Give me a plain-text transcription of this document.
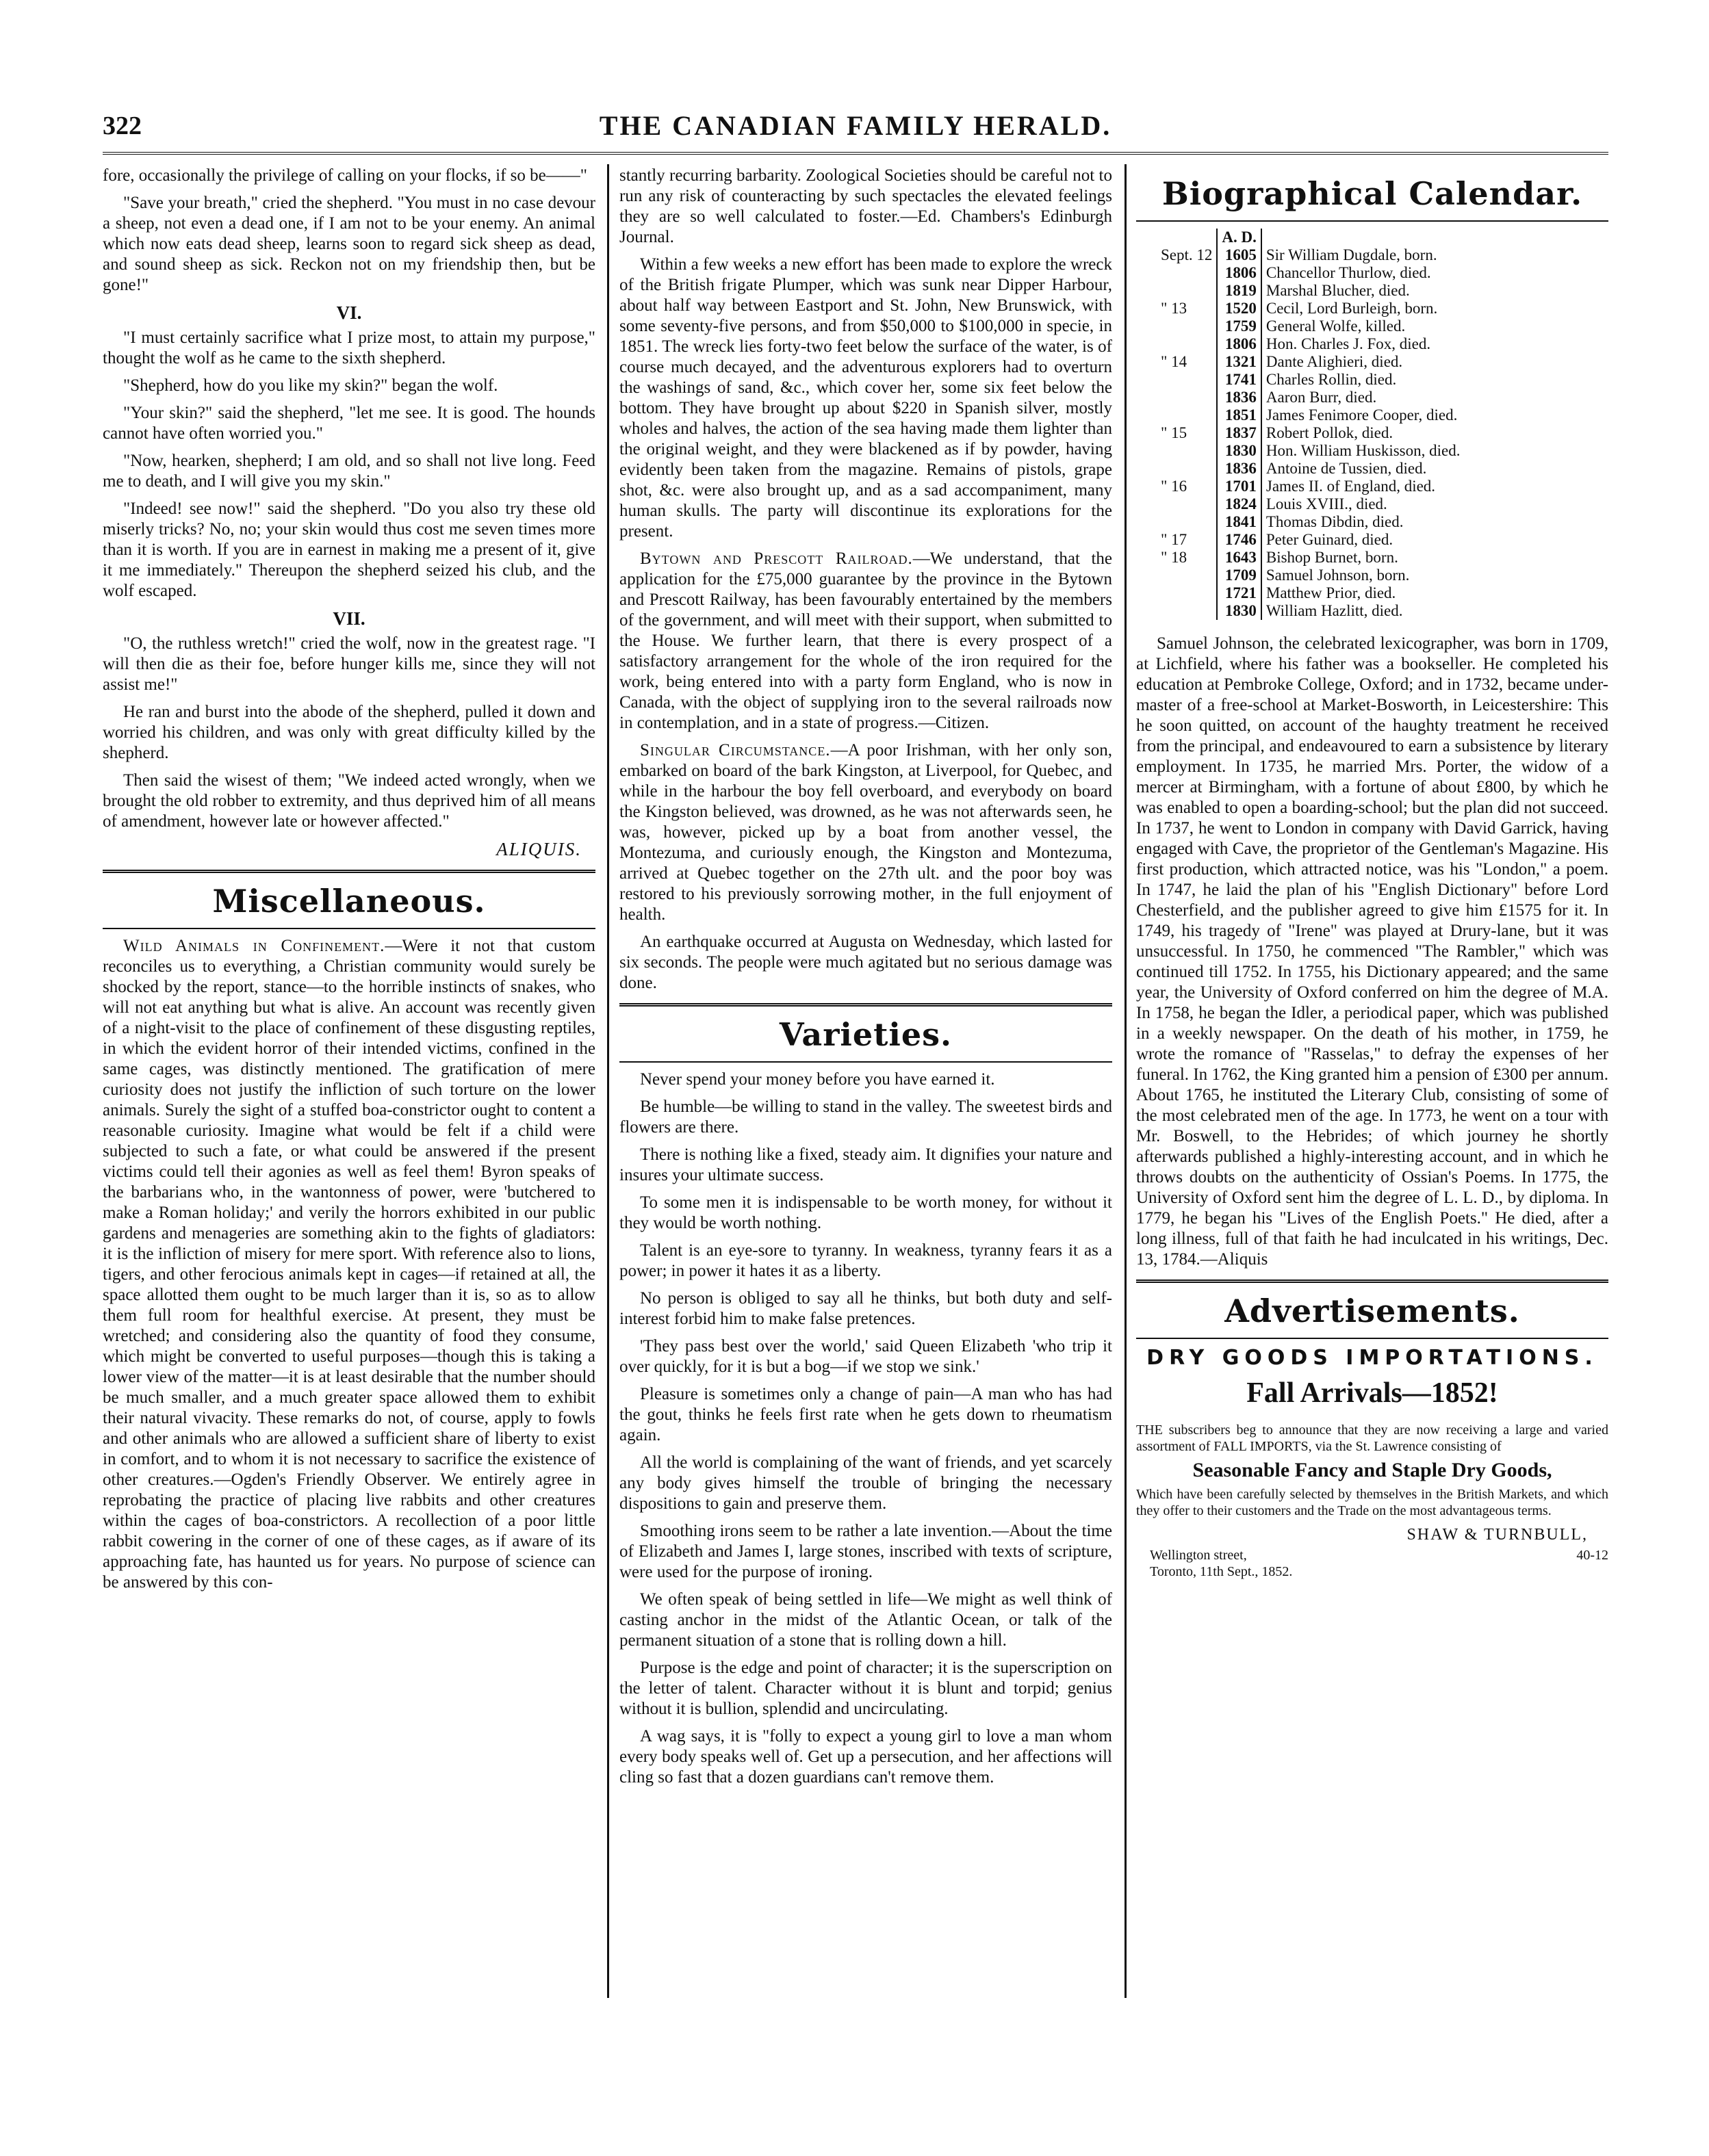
THE CANADIAN FAMILY HERALD.
322

fore, occasionally the privilege of calling on your flocks, if so be——"

"Save your breath," cried the shepherd. "You must in no case devour a sheep, not even a dead one, if I am not to be your enemy. An animal which now eats dead sheep, learns soon to regard sick sheep as dead, and sound sheep as sick. Reckon not on my friendship then, but be gone!"

VI.

"I must certainly sacrifice what I prize most, to attain my purpose," thought the wolf as he came to the sixth shepherd.

"Shepherd, how do you like my skin?" began the wolf.

"Your skin?" said the shepherd, "let me see. It is good. The hounds cannot have often worried you."

"Now, hearken, shepherd; I am old, and so shall not live long. Feed me to death, and I will give you my skin."

"Indeed! see now!" said the shepherd. "Do you also try these old miserly tricks? No, no; your skin would thus cost me seven times more than it is worth. If you are in earnest in making me a present of it, give it me immediately." Thereupon the shepherd seized his club, and the wolf escaped.

VII.

"O, the ruthless wretch!" cried the wolf, now in the greatest rage. "I will then die as their foe, before hunger kills me, since they will not assist me!"

He ran and burst into the abode of the shepherd, pulled it down and worried his children, and was only with great difficulty killed by the shepherd.

Then said the wisest of them; "We indeed acted wrongly, when we brought the old robber to extremity, and thus deprived him of all means of amendment, however late or however affected."

ALIQUIS.
Miscellaneous.

Wild Animals in Confinement.—Were it not that custom reconciles us to everything, a Christian community would surely be shocked by the report, stance—to the horrible instincts of snakes, who will not eat anything but what is alive. An account was recently given of a night-visit to the place of confinement of these disgusting reptiles, in which the evident horror of their intended victims, confined in the same cages, was distinctly mentioned. The gratification of mere curiosity does not justify the infliction of such torture on the lower animals. Surely the sight of a stuffed boa-constrictor ought to content a reasonable curiosity. Imagine what would be felt if a child were subjected to such a fate, or what could be answered if the present victims could tell their agonies as well as feel them! Byron speaks of the barbarians who, in the wantonness of power, were 'butchered to make a Roman holiday;' and verily the horrors exhibited in our public gardens and menageries are something akin to the fights of gladiators: it is the infliction of misery for mere sport. With reference also to lions, tigers, and other ferocious animals kept in cages—if retained at all, the space allotted them ought to be much larger than it is, so as to allow them full room for healthful exercise. At present, they must be wretched; and considering also the quantity of food they consume, which might be converted to useful purposes—though this is taking a lower view of the matter—it is at least desirable that the number should be much smaller, and a much greater space allowed them to exhibit their natural vivacity. These remarks do not, of course, apply to fowls and other animals who are allowed a sufficient share of liberty to exist in comfort, and to whom it is not necessary to sacrifice the existence of other creatures.—Ogden's Friendly Observer. We entirely agree in reprobating the practice of placing live rabbits and other creatures within the cages of boa-constrictors. A recollection of a poor little rabbit cowering in the corner of one of these cages, as if aware of its approaching fate, has haunted us for years. No purpose of science can be answered by this con-

stantly recurring barbarity. Zoological Societies should be careful not to run any risk of counteracting by such spectacles the elevated feelings they are so well calculated to foster.—Ed. Chambers's Edinburgh Journal.

Within a few weeks a new effort has been made to explore the wreck of the British frigate Plumper, which was sunk near Dipper Harbour, about half way between Eastport and St. John, New Brunswick, with some seventy-five persons, and from $50,000 to $100,000 in specie, in 1851. The wreck lies forty-two feet below the surface of the water, is of course much decayed, and the adventurous explorers had to overturn the washings of sand, &c., which cover her, some six feet below the bottom. They have brought up about $220 in Spanish silver, mostly wholes and halves, the action of the sea having made them lighter than the original weight, and they were blackened as if by powder, having evidently been taken from the magazine. Remains of pistols, grape shot, &c. were also brought up, and as a sad accompaniment, many human skulls. The party will discontinue its explorations for the present.

Bytown and Prescott Railroad.—We understand, that the application for the £75,000 guarantee by the province in the Bytown and Prescott Railway, has been favourably entertained by the members of the government, and will meet with their support, when submitted to the House. We further learn, that there is every prospect of a satisfactory arrangement for the whole of the iron required for the work, being entered into with a party form England, who is now in Canada, with the object of supplying iron to the several railroads now in contemplation, and in a state of progress.—Citizen.

Singular Circumstance.—A poor Irishman, with her only son, embarked on board of the bark Kingston, at Liverpool, for Quebec, and while in the harbour the boy fell overboard, and everybody on board the Kingston believed, was drowned, as he was not afterwards seen, he was, however, picked up by a boat from another vessel, the Montezuma, and curiously enough, the Kingston and Montezuma, arrived at Quebec together on the 27th ult. and the poor boy was restored to his previously sorrowing mother, in the full enjoyment of health.

An earthquake occurred at Augusta on Wednesday, which lasted for six seconds. The people were much agitated but no serious damage was done.

Varieties.

Never spend your money before you have earned it.

Be humble—be willing to stand in the valley. The sweetest birds and flowers are there.

There is nothing like a fixed, steady aim. It dignifies your nature and insures your ultimate success.

To some men it is indispensable to be worth money, for without it they would be worth nothing.

Talent is an eye-sore to tyranny. In weakness, tyranny fears it as a power; in power it hates it as a liberty.

No person is obliged to say all he thinks, but both duty and self-interest forbid him to make false pretences.

'They pass best over the world,' said Queen Elizabeth 'who trip it over quickly, for it is but a bog—if we stop we sink.'

Pleasure is sometimes only a change of pain—A man who has had the gout, thinks he feels first rate when he gets down to rheumatism again.

All the world is complaining of the want of friends, and yet scarcely any body gives himself the trouble of bringing the necessary dispositions to gain and preserve them.

Smoothing irons seem to be rather a late invention.—About the time of Elizabeth and James I, large stones, inscribed with texts of scripture, were used for the purpose of ironing.

We often speak of being settled in life—We might as well think of casting anchor in the midst of the Atlantic Ocean, or talk of the permanent situation of a stone that is rolling down a hill.

Purpose is the edge and point of character; it is the superscription on the letter of talent. Character without it is blunt and torpid; genius without it is bullion, splendid and uncirculating.

A wag says, it is "folly to expect a young girl to love a man whom every body speaks well of. Get up a persecution, and her affections will cling so fast that a dozen guardians can't remove them.

Biographical Calendar.
	A. D.	
Sept. 12	1605	Sir William Dugdale, born.
	1806	Chancellor Thurlow, died.
	1819	Marshal Blucher, died.
" 13	1520	Cecil, Lord Burleigh, born.
	1759	General Wolfe, killed.
	1806	Hon. Charles J. Fox, died.
" 14	1321	Dante Alighieri, died.
	1741	Charles Rollin, died.
	1836	Aaron Burr, died.
	1851	James Fenimore Cooper, died.
" 15	1837	Robert Pollok, died.
	1830	Hon. William Huskisson, died.
	1836	Antoine de Tussien, died.
" 16	1701	James II. of England, died.
	1824	Louis XVIII., died.
	1841	Thomas Dibdin, died.
" 17	1746	Peter Guinard, died.
" 18	1643	Bishop Burnet, born.
	1709	Samuel Johnson, born.
	1721	Matthew Prior, died.
	1830	William Hazlitt, died.

Samuel Johnson, the celebrated lexicographer, was born in 1709, at Lichfield, where his father was a bookseller. He completed his education at Pembroke College, Oxford; and in 1732, became under-master of a free-school at Market-Bosworth, in Leicestershire: This he soon quitted, on account of the haughty treatment he received from the principal, and endeavoured to earn a subsistence by literary employment. In 1735, he married Mrs. Porter, the widow of a mercer at Birmingham, with a fortune of about £800, by which he was enabled to open a boarding-school; but the plan did not succeed. In 1737, he went to London in company with David Garrick, having engaged with Cave, the proprietor of the Gentleman's Magazine. His first production, which attracted notice, was his "London," a poem. In 1747, he laid the plan of his "English Dictionary" before Lord Chesterfield, and the publisher agreed to give him £1575 for it. In 1749, his tragedy of "Irene" was played at Drury-lane, but it was unsuccessful. In 1750, he commenced "The Rambler," which was continued till 1752. In 1755, his Dictionary appeared; and the same year, the University of Oxford conferred on him the degree of M.A. In 1758, he began the Idler, a periodical paper, which was published in a weekly newspaper. On the death of his mother, in 1759, he wrote the romance of "Rasselas," to defray the expenses of her funeral. In 1762, the King granted him a pension of £300 per annum. About 1765, he instituted the Literary Club, consisting of some of the most celebrated men of the age. In 1773, he went on a tour with Mr. Boswell, to the Hebrides; of which journey he shortly afterwards published a highly-interesting account, and in which he throws doubts on the authenticity of Ossian's Poems. In 1775, the University of Oxford sent him the degree of L. L. D., by diploma. In 1779, he began his "Lives of the English Poets." He died, after a long illness, full of that faith he had inculcated in his writings, Dec. 13, 1784.—Aliquis

Advertisements.
DRY GOODS IMPORTATIONS.
Fall Arrivals—1852!

THE subscribers beg to announce that they are now receiving a large and varied assortment of FALL IMPORTS, via the St. Lawrence consisting of

Seasonable Fancy and Staple Dry Goods,

Which have been carefully selected by themselves in the British Markets, and which they offer to their customers and the Trade on the most advantageous terms.

SHAW & TURNBULL,
Wellington street,
Toronto, 11th Sept., 1852.
40-12
